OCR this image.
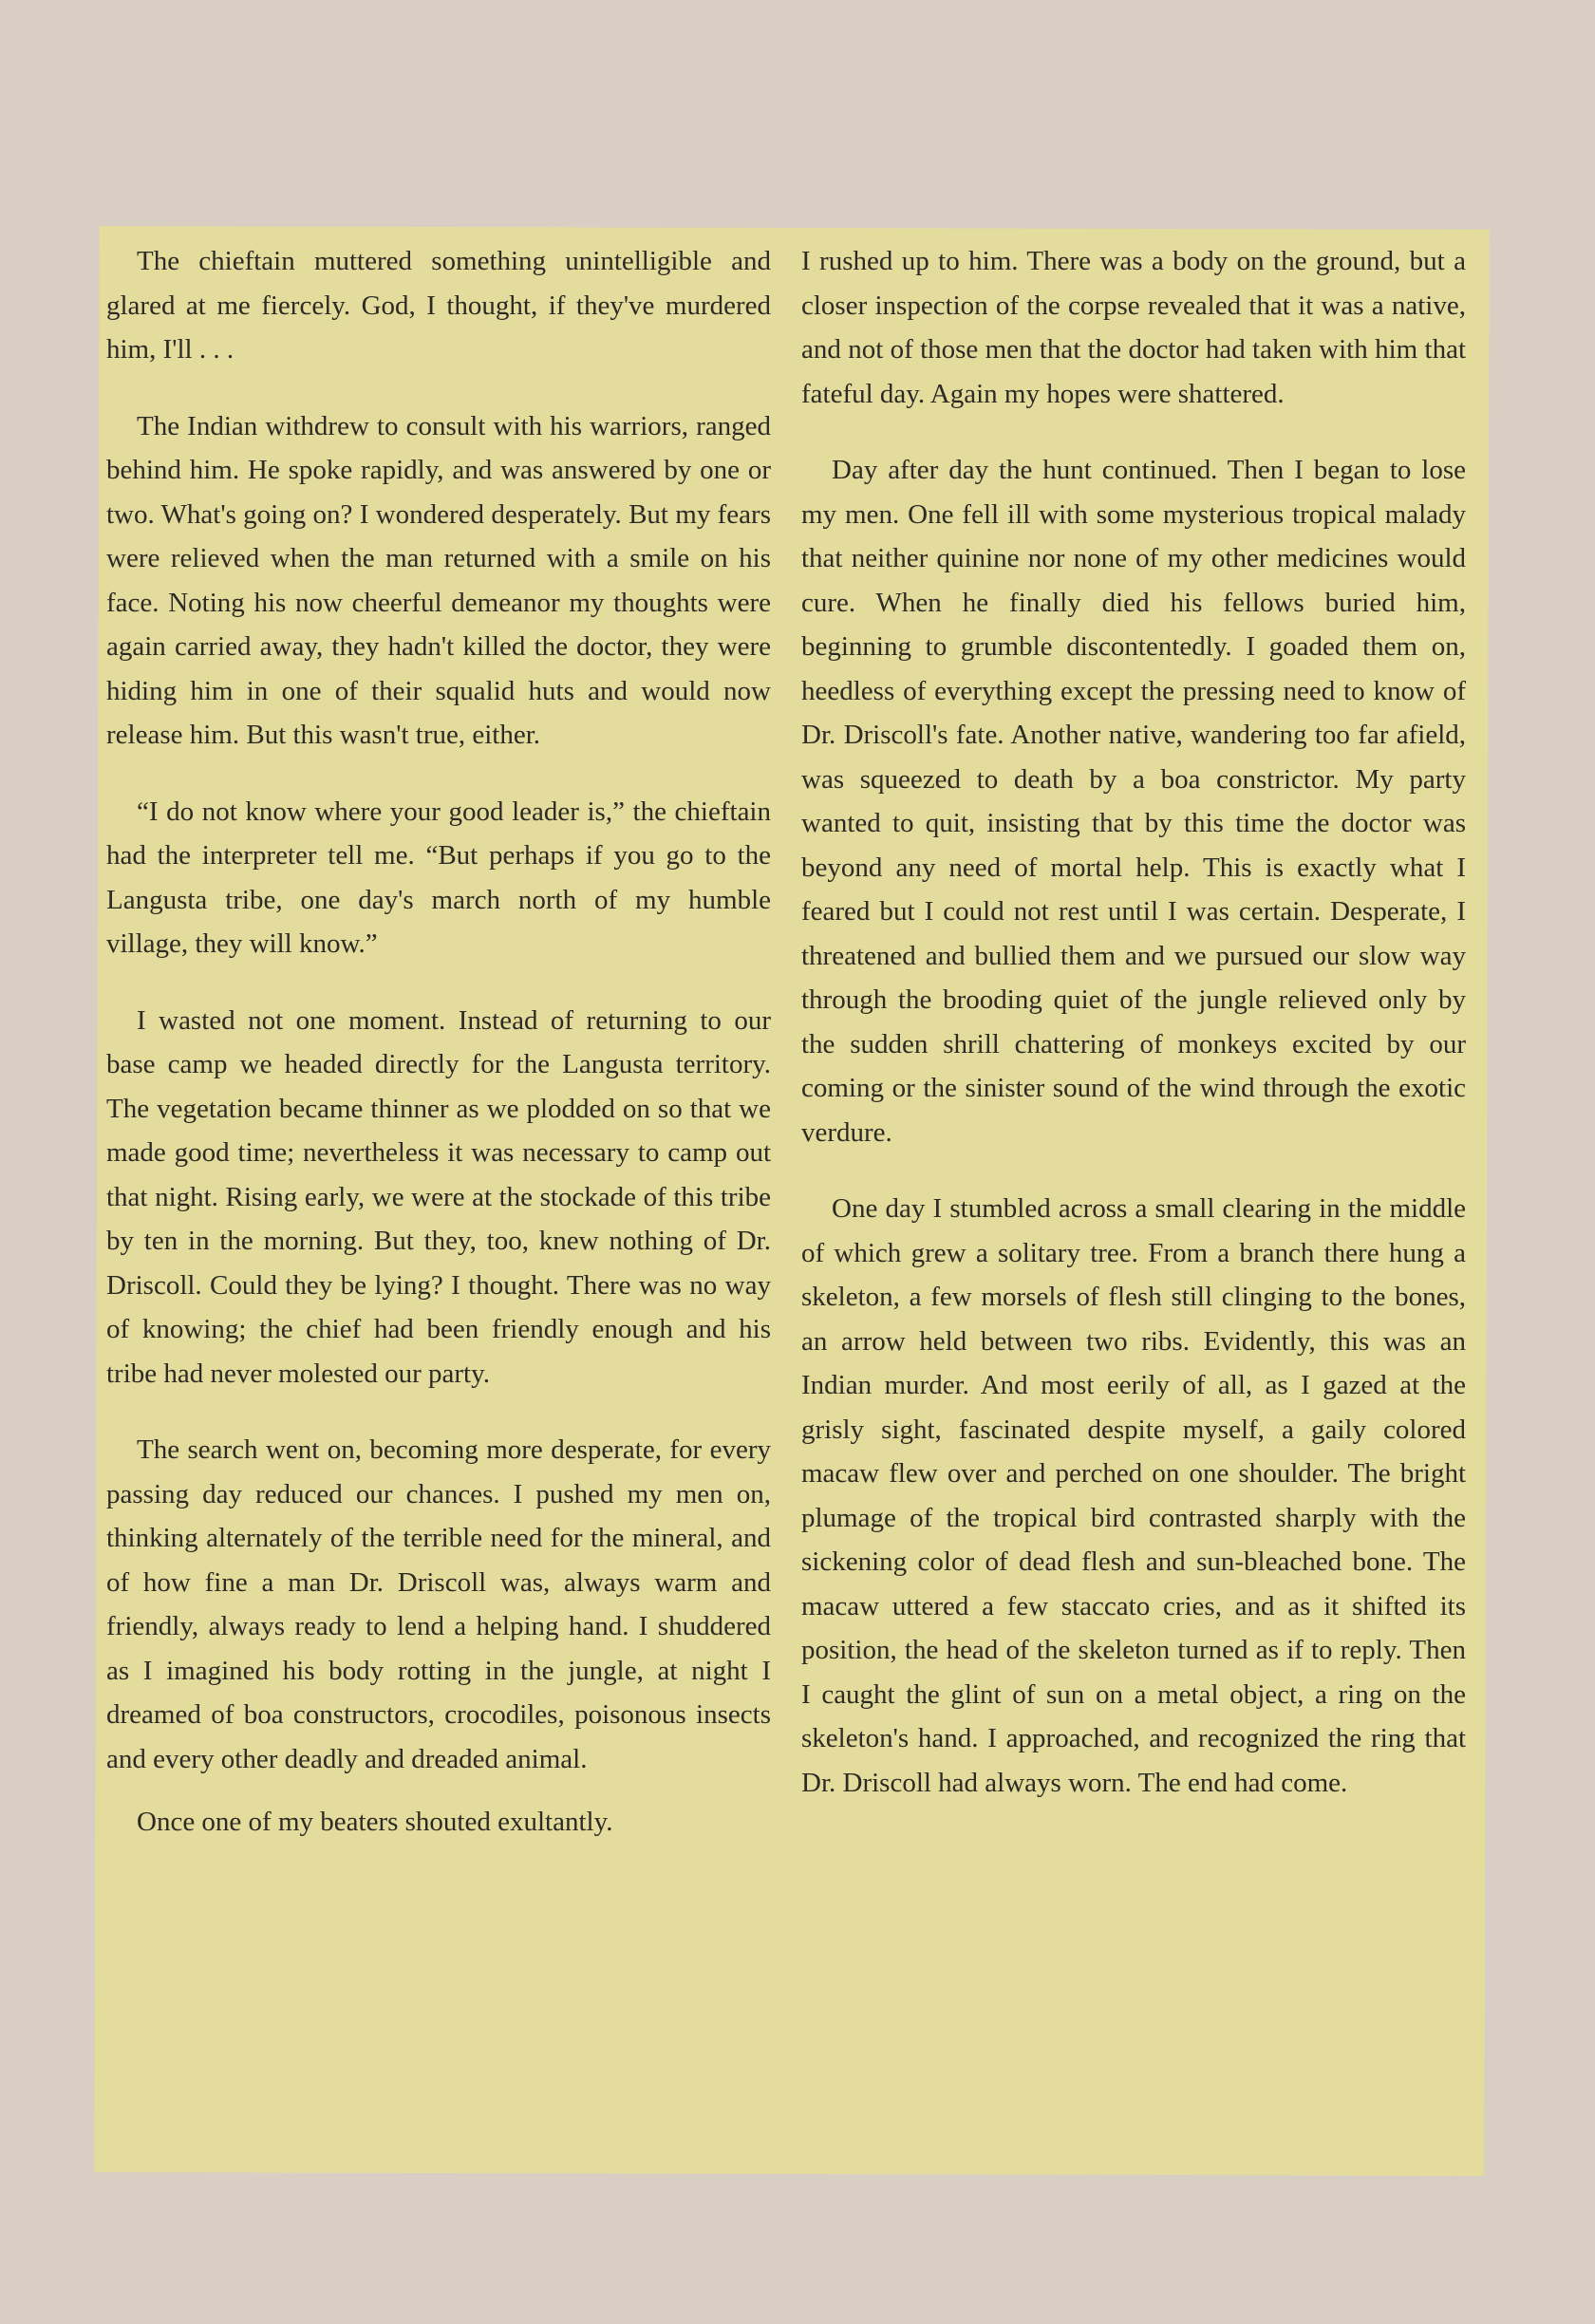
The chieftain muttered something unintelligible and glared at me fiercely. God, I thought, if they've murdered him, I'll . . .

The Indian withdrew to consult with his warriors, ranged behind him. He spoke rapidly, and was answered by one or two. What's going on? I wondered desperately. But my fears were relieved when the man returned with a smile on his face. Noting his now cheerful demeanor my thoughts were again carried away, they hadn't killed the doctor, they were hiding him in one of their squalid huts and would now release him. But this wasn't true, either.

“I do not know where your good leader is,” the chieftain had the interpreter tell me. “But perhaps if you go to the Langusta tribe, one day's march north of my humble village, they will know.”

I wasted not one moment. Instead of returning to our base camp we headed directly for the Langusta territory. The vegetation became thinner as we plodded on so that we made good time; nevertheless it was necessary to camp out that night. Rising early, we were at the stockade of this tribe by ten in the morning. But they, too, knew nothing of Dr. Driscoll. Could they be lying? I thought. There was no way of knowing; the chief had been friendly enough and his tribe had never molested our party.

The search went on, becoming more desperate, for every passing day reduced our chances. I pushed my men on, thinking alternately of the terrible need for the mineral, and of how fine a man Dr. Driscoll was, always warm and friendly, always ready to lend a helping hand. I shuddered as I imagined his body rotting in the jungle, at night I dreamed of boa constructors, crocodiles, poisonous insects and every other deadly and dreaded animal.

Once one of my beaters shouted exultantly.

I rushed up to him. There was a body on the ground, but a closer inspection of the corpse revealed that it was a native, and not of those men that the doctor had taken with him that fateful day. Again my hopes were shattered.

Day after day the hunt continued. Then I began to lose my men. One fell ill with some mysterious tropical malady that neither quinine nor none of my other medicines would cure. When he finally died his fellows buried him, beginning to grumble discontentedly. I goaded them on, heedless of everything except the pressing need to know of Dr. Driscoll's fate. Another native, wandering too far afield, was squeezed to death by a boa constrictor. My party wanted to quit, insisting that by this time the doctor was beyond any need of mortal help. This is exactly what I feared but I could not rest until I was certain. Desperate, I threatened and bullied them and we pursued our slow way through the brooding quiet of the jungle relieved only by the sudden shrill chattering of monkeys excited by our coming or the sinister sound of the wind through the exotic verdure.

One day I stumbled across a small clearing in the middle of which grew a solitary tree. From a branch there hung a skeleton, a few morsels of flesh still clinging to the bones, an arrow held between two ribs. Evidently, this was an Indian murder. And most eerily of all, as I gazed at the grisly sight, fascinated despite myself, a gaily colored macaw flew over and perched on one shoulder. The bright plumage of the tropical bird contrasted sharply with the sickening color of dead flesh and sun-bleached bone. The macaw uttered a few staccato cries, and as it shifted its position, the head of the skeleton turned as if to reply. Then I caught the glint of sun on a metal object, a ring on the skeleton's hand. I approached, and recognized the ring that Dr. Driscoll had always worn. The end had come.
